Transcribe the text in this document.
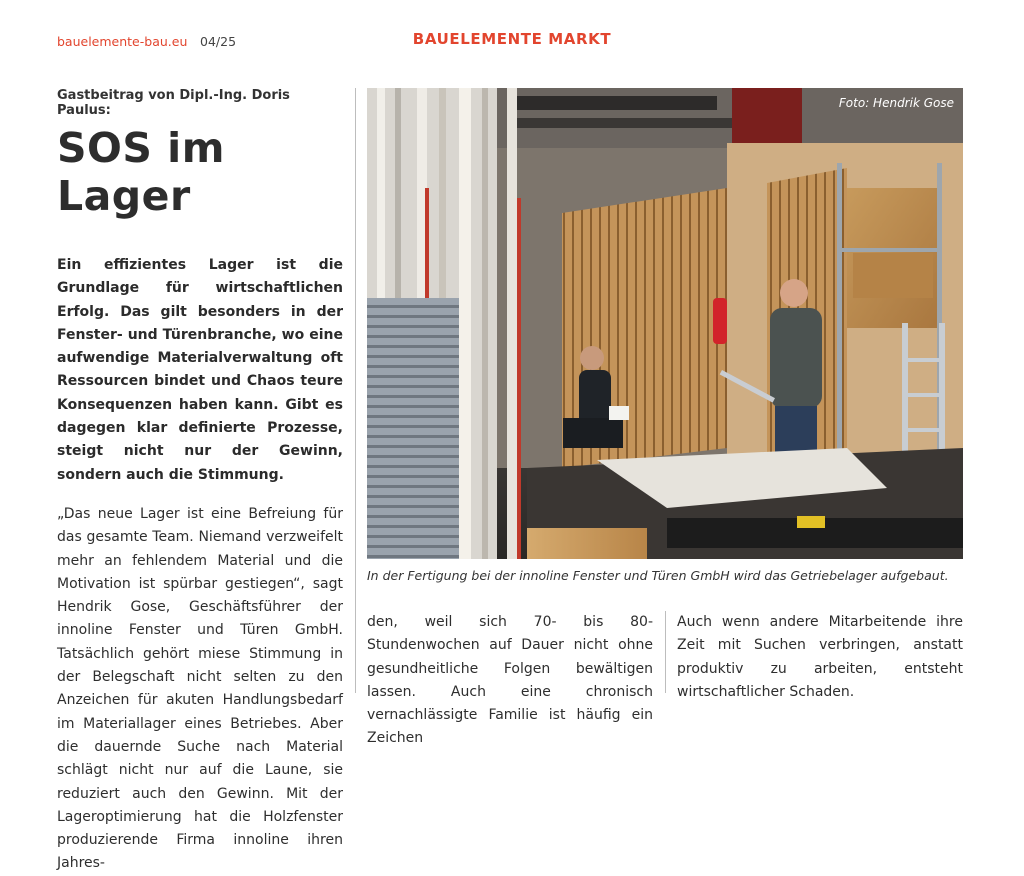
bauelemente-bau.eu 04/25	BAUELEMENTE MARKT

Gastbeitrag von Dipl.-Ing. Doris Paulus:

SOS im Lager

Ein effizientes Lager ist die Grundlage für wirtschaftlichen Erfolg. Das gilt besonders in der Fenster- und Türenbranche, wo eine aufwendige Materialverwaltung oft Ressourcen bindet und Chaos teure Konsequenzen haben kann. Gibt es dagegen klar definierte Prozesse, steigt nicht nur der Gewinn, sondern auch die Stimmung.

„Das neue Lager ist eine Befreiung für das gesamte Team. Niemand verzweifelt mehr an fehlendem Material und die Motivation ist spürbar gestiegen“, sagt Hendrik Gose, Geschäftsführer der innoline Fenster und Türen GmbH. Tatsächlich gehört miese Stimmung in der Belegschaft nicht selten zu den Anzeichen für akuten Handlungsbedarf im Materiallager eines Betriebes. Aber die dauernde Suche nach Material schlägt nicht nur auf die Laune, sie reduziert auch den Gewinn. Mit der Lageroptimierung hat die Holzfenster produzierende Firma innoline ihren Jahres-

Foto: Hendrik Gose
In der Fertigung bei der innoline Fenster und Türen GmbH wird das Getriebelager aufgebaut.

den, weil sich 70- bis 80-Stundenwochen auf Dauer nicht ohne gesundheitliche Folgen bewältigen lassen. Auch eine chronisch vernachlässigte Familie ist häufig ein Zeichen

Auch wenn andere Mitarbeitende ihre Zeit mit Suchen verbringen, anstatt produktiv zu arbeiten, entsteht wirtschaftlicher Schaden.
